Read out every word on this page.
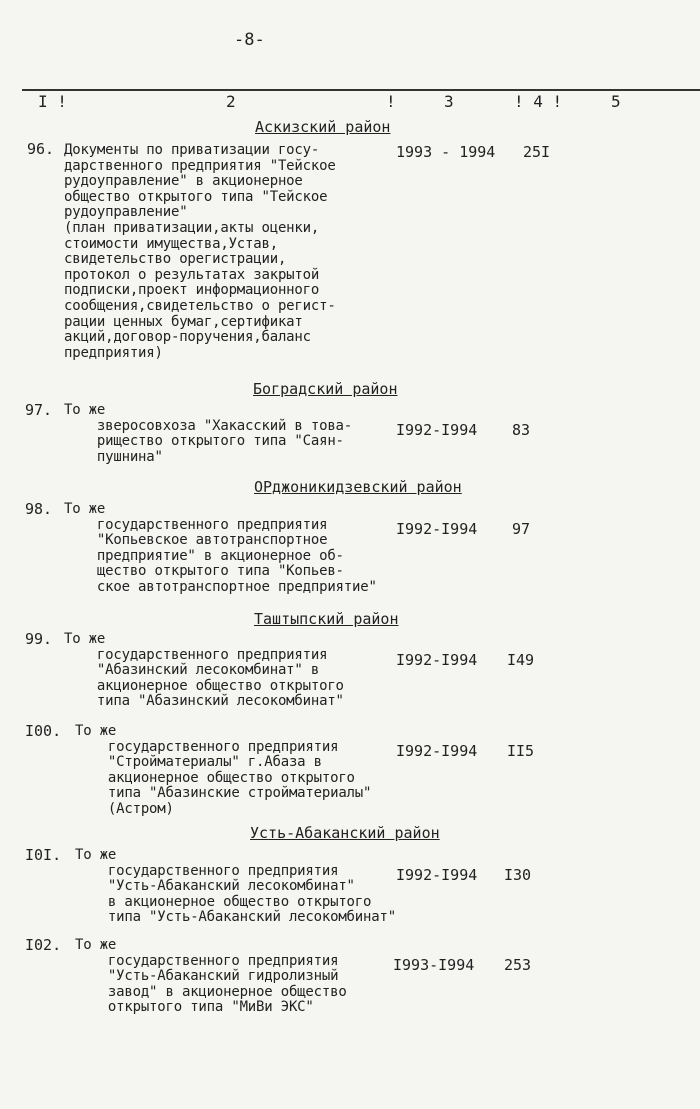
-8-
I !	2	!	3	! 4 !	5
Аскизский район
96. Документы по приватизации госу-
дарственного предприятия "Тейское
рудоуправление" в акционерное
общество открытого типа "Тейское
рудоуправление"
(план приватизации,акты оценки,
стоимости имущества,Устав,
свидетельство орегистрации,
протокол о результатах закрытой
подписки,проект информационного
сообщения,свидетельство о регист-
рации ценных бумаг,сертификат
акций,договор-поручения,баланс
предприятия)
1993 - 1994 25I
Боградский район
97. То же
зверосовхоза "Хакасский в това-
риществo открытого типа "Саян-
пушнина"
I992-I994 83
ОРджоникидзевский район
98. То же
государственного предприятия
"Копьевское автотранспортное
предприятие" в акционерное об-
щество открытого типа "Копьев-
ское автотранспортное предприятие"
I992-I994 97
Таштыпский район
99. То же
государственного предприятия
"Абазинский лесокомбинат" в
акционерное общество открытого
типа "Абазинский лесокомбинат"
I992-I994 I49
I00. То же
государственного предприятия
"Стройматериалы" г.Абаза в
акционерное общество открытого
типа "Абазинские стройматериалы"
(Астром)
I992-I994 II5
Усть-Абаканский район
I0I. То же
государственного предприятия
"Усть-Абаканский лесокомбинат"
в акционерное общество открытого
типа "Усть-Абаканский лесокомбинат"
I992-I994 I30
I02. То же
государственного предприятия
"Усть-Абаканский гидролизный
завод" в акционерное общество
открытого типа "МиВи ЭКС"
I993-I994 253
